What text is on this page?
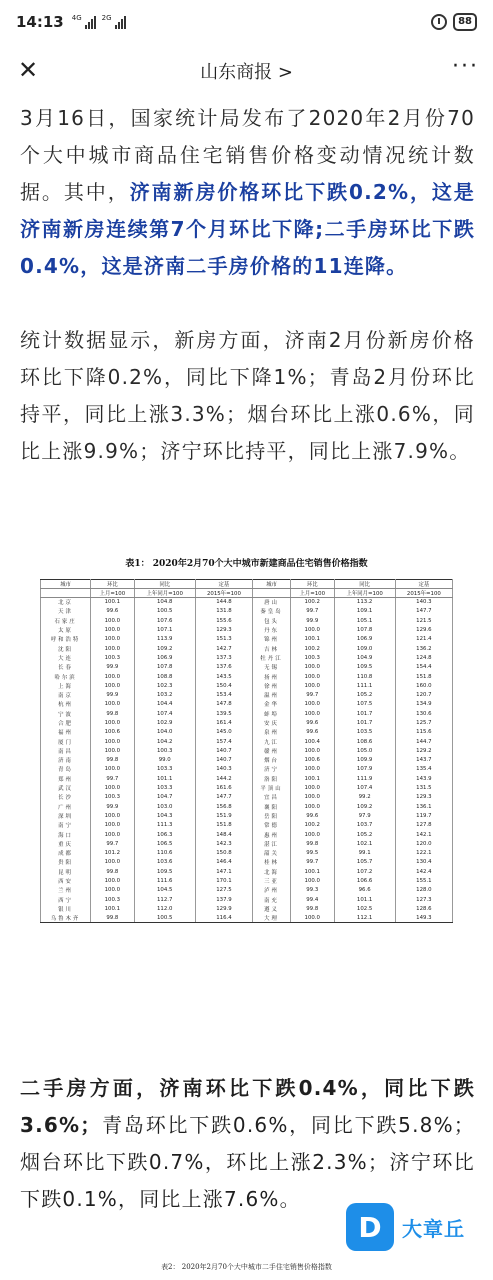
14:13 4G	2G	88
✕	山东商报 >	···

3月16日，国家统计局发布了2020年2月份70个大中城市商品住宅销售价格变动情况统计数据。其中，济南新房价格环比下跌0.2%，这是济南新房连续第7个月环比下降;二手房环比下跌0.4%，这是济南二手房价格的11连降。

统计数据显示，新房方面，济南2月份新房价格环比下降0.2%，同比下降1%；青岛2月份环比持平，同比上涨3.3%；烟台环比上涨0.6%，同比上涨9.9%；济宁环比持平，同比上涨7.9%。

表1： 2020年2月70个大中城市新建商品住宅销售价格指数
城市	环比	同比	定基	城市	环比	同比	定基
	上月=100	上年同月=100	2015年=100		上月=100	上年同月=100	2015年=100
北京	100.1	104.8	144.8	唐山	100.2	113.2	140.3
天津	99.6	100.5	131.8	秦皇岛	99.7	109.1	147.7
石家庄	100.0	107.6	155.6	包头	99.9	105.1	121.5
太原	100.0	107.1	129.3	丹东	100.0	107.8	129.6
呼和浩特	100.0	113.9	151.3	锦州	100.1	106.9	121.4
沈阳	100.0	109.2	142.7	吉林	100.2	109.0	136.2
大连	100.3	106.9	137.3	牡丹江	100.3	104.9	124.8
长春	99.9	107.8	137.6	无锡	100.0	109.5	154.4
哈尔滨	100.0	108.8	143.5	扬州	100.0	110.8	151.8
上海	100.0	102.3	150.4	徐州	100.0	111.1	160.0
南京	99.9	103.2	153.4	温州	99.7	105.2	120.7
杭州	100.0	104.4	147.8	金华	100.0	107.5	134.9
宁波	99.8	107.4	139.5	蚌埠	100.0	101.7	130.6
合肥	100.0	102.9	161.4	安庆	99.6	101.7	125.7
福州	100.6	104.0	145.0	泉州	99.6	103.5	115.6
厦门	100.0	104.2	157.4	九江	100.4	108.6	144.7
南昌	100.0	100.3	140.7	赣州	100.0	105.0	129.2
济南	99.8	99.0	140.7	烟台	100.6	109.9	143.7
青岛	100.0	103.3	140.3	济宁	100.0	107.9	135.4
郑州	99.7	101.1	144.2	洛阳	100.1	111.9	143.9
武汉	100.0	103.3	161.6	平顶山	100.0	107.4	131.5
长沙	100.3	104.7	147.7	宜昌	100.0	99.2	129.3
广州	99.9	103.0	156.8	襄阳	100.0	109.2	136.1
深圳	100.0	104.3	151.9	岳阳	99.6	97.9	119.7
南宁	100.0	111.3	151.8	常德	100.2	103.7	127.8
海口	100.0	106.3	148.4	惠州	100.0	105.2	142.1
重庆	99.7	106.5	142.3	湛江	99.8	102.1	120.0
成都	101.2	110.6	150.8	韶关	99.5	99.1	122.1
贵阳	100.0	103.6	146.4	桂林	99.7	105.7	130.4
昆明	99.8	109.5	147.1	北海	100.1	107.2	142.4
西安	100.0	111.6	170.1	三亚	100.0	106.6	155.1
兰州	100.0	104.5	127.5	泸州	99.3	96.6	128.0
西宁	100.3	112.7	137.9	南充	99.4	101.1	127.3
银川	100.1	112.0	129.9	遵义	99.8	102.5	128.6
乌鲁木齐	99.8	100.5	116.4	大理	100.0	112.1	149.3

二手房方面，济南环比下跌0.4%，同比下跌3.6%；青岛环比下跌0.6%，同比下跌5.8%；烟台环比下跌0.7%，环比上涨2.3%；济宁环比下跌0.1%，同比上涨7.6%。

表2： 2020年2月70个大中城市二手住宅销售价格指数
D	大章丘
